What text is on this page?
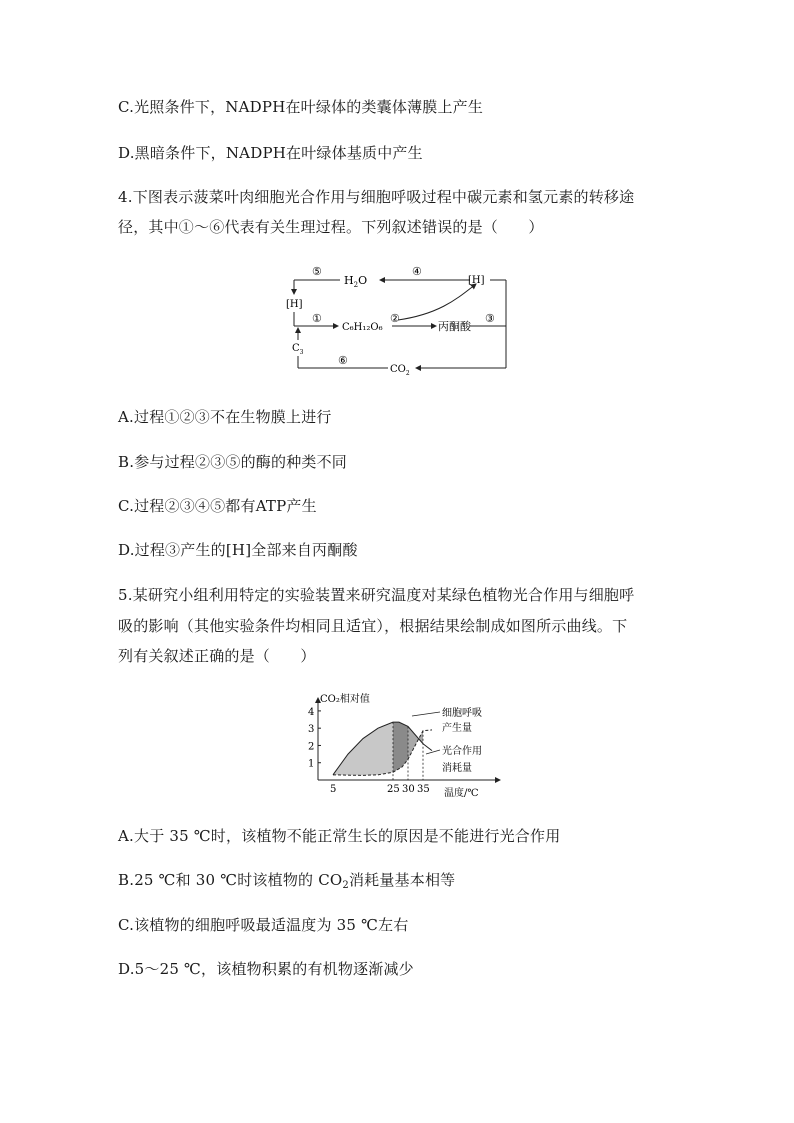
C.光照条件下，NADPH在叶绿体的类囊体薄膜上产生
D.黑暗条件下，NADPH在叶绿体基质中产生
4.下图表示菠菜叶肉细胞光合作用与细胞呼吸过程中碳元素和氢元素的转移途
径，其中①～⑥代表有关生理过程。下列叙述错误的是（　　）
⑤
$H_2O$
④
[H]
[H]
①
C₆H₁₂O₆
②
丙酮酸
③
$C_3$
⑥
$CO_2$
A.过程①②③不在生物膜上进行
B.参与过程②③⑤的酶的种类不同
C.过程②③④⑤都有ATP产生
D.过程③产生的[H]全部来自丙酮酸
5.某研究小组利用特定的实验装置来研究温度对某绿色植物光合作用与细胞呼
吸的影响（其他实验条件均相同且适宜），根据结果绘制成如图所示曲线。下
列有关叙述正确的是（　　）
1
2
3
4
5	25 30 35
CO₂相对值
温度/℃
细胞呼吸
产生量
光合作用
消耗量
A.大于 35 ℃时，该植物不能正常生长的原因是不能进行光合作用
B.25 ℃和 30 ℃时该植物的 $CO_2$消耗量基本相等
C.该植物的细胞呼吸最适温度为 35 ℃左右
D.5～25 ℃，该植物积累的有机物逐渐减少
